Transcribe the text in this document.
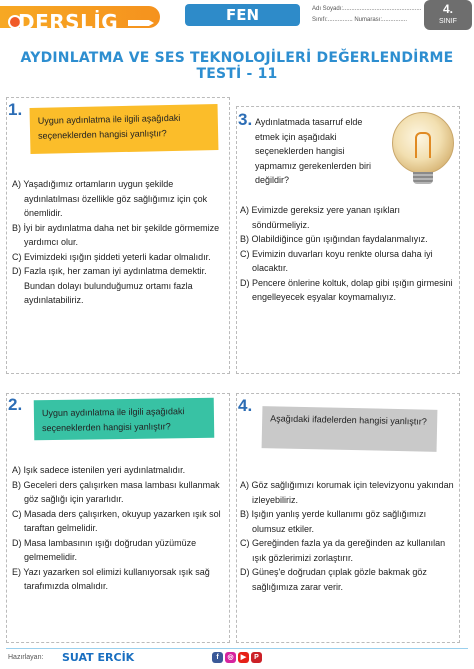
DERSLİG	FEN BİLİMLERİ
Adı Soyadı:...............................................
Sınıfı:............... Numarası:...............
4.
SINIF
AYDINLATMA VE SES TEKNOLOJİLERİ DEĞERLENDİRME TESTİ - 11
1.
Uygun aydınlatma ile ilgili aşağıdaki seçeneklerden hangisi yanlıştır?
A) Yaşadığımız ortamların uygun şekilde aydınlatılması özellikle göz sağlığımız için çok önemlidir.
B) İyi bir aydınlatma daha net bir şekilde görmemize yardımcı olur.
C) Evimizdeki ışığın şiddeti yeterli kadar olmalıdır.
D) Fazla ışık, her zaman iyi aydınlatma demektir. Bundan dolayı bulunduğumuz ortamı fazla aydınlatabiliriz.
3. Aydınlatmada tasarruf elde etmek için aşağıdaki seçeneklerden hangisi yapmamız gerekenlerden biri değildir?
A) Evimizde gereksiz yere yanan ışıkları söndürmeliyiz.
B) Olabildiğince gün ışığından faydalanmalıyız.
C) Evimizin duvarları koyu renkte olursa daha iyi olacaktır.
D) Pencere önlerine koltuk, dolap gibi ışığın girmesini engelleyecek eşyalar koymamalıyız.
2.	Uygun aydınlatma ile ilgili aşağıdaki seçeneklerden hangisi yanlıştır?
A) Işık sadece istenilen yeri aydınlatmalıdır.
B) Geceleri ders çalışırken masa lambası kullanmak göz sağlığı için yararlıdır.
C) Masada ders çalışırken, okuyup yazarken ışık sol taraftan gelmelidir.
D) Masa lambasının ışığı doğrudan yüzümüze gelmemelidir.
E) Yazı yazarken sol elimizi kullanıyorsak ışık sağ tarafımızda olmalıdır.
4.
Aşağıdaki ifadelerden hangisi yanlıştır?
A) Göz sağlığımızı korumak için televizyonu yakından izleyebiliriz.
B) Işığın yanlış yerde kullanımı göz sağlığımızı olumsuz etkiler.
C) Gereğinden fazla ya da gereğinden az kullanılan ışık gözlerimizi zorlaştırır.
D) Güneş'e doğrudan çıplak gözle bakmak göz sağlığımıza zarar verir.
Hazırlayan: SUAT ERCİK	f	◎	▶	P
